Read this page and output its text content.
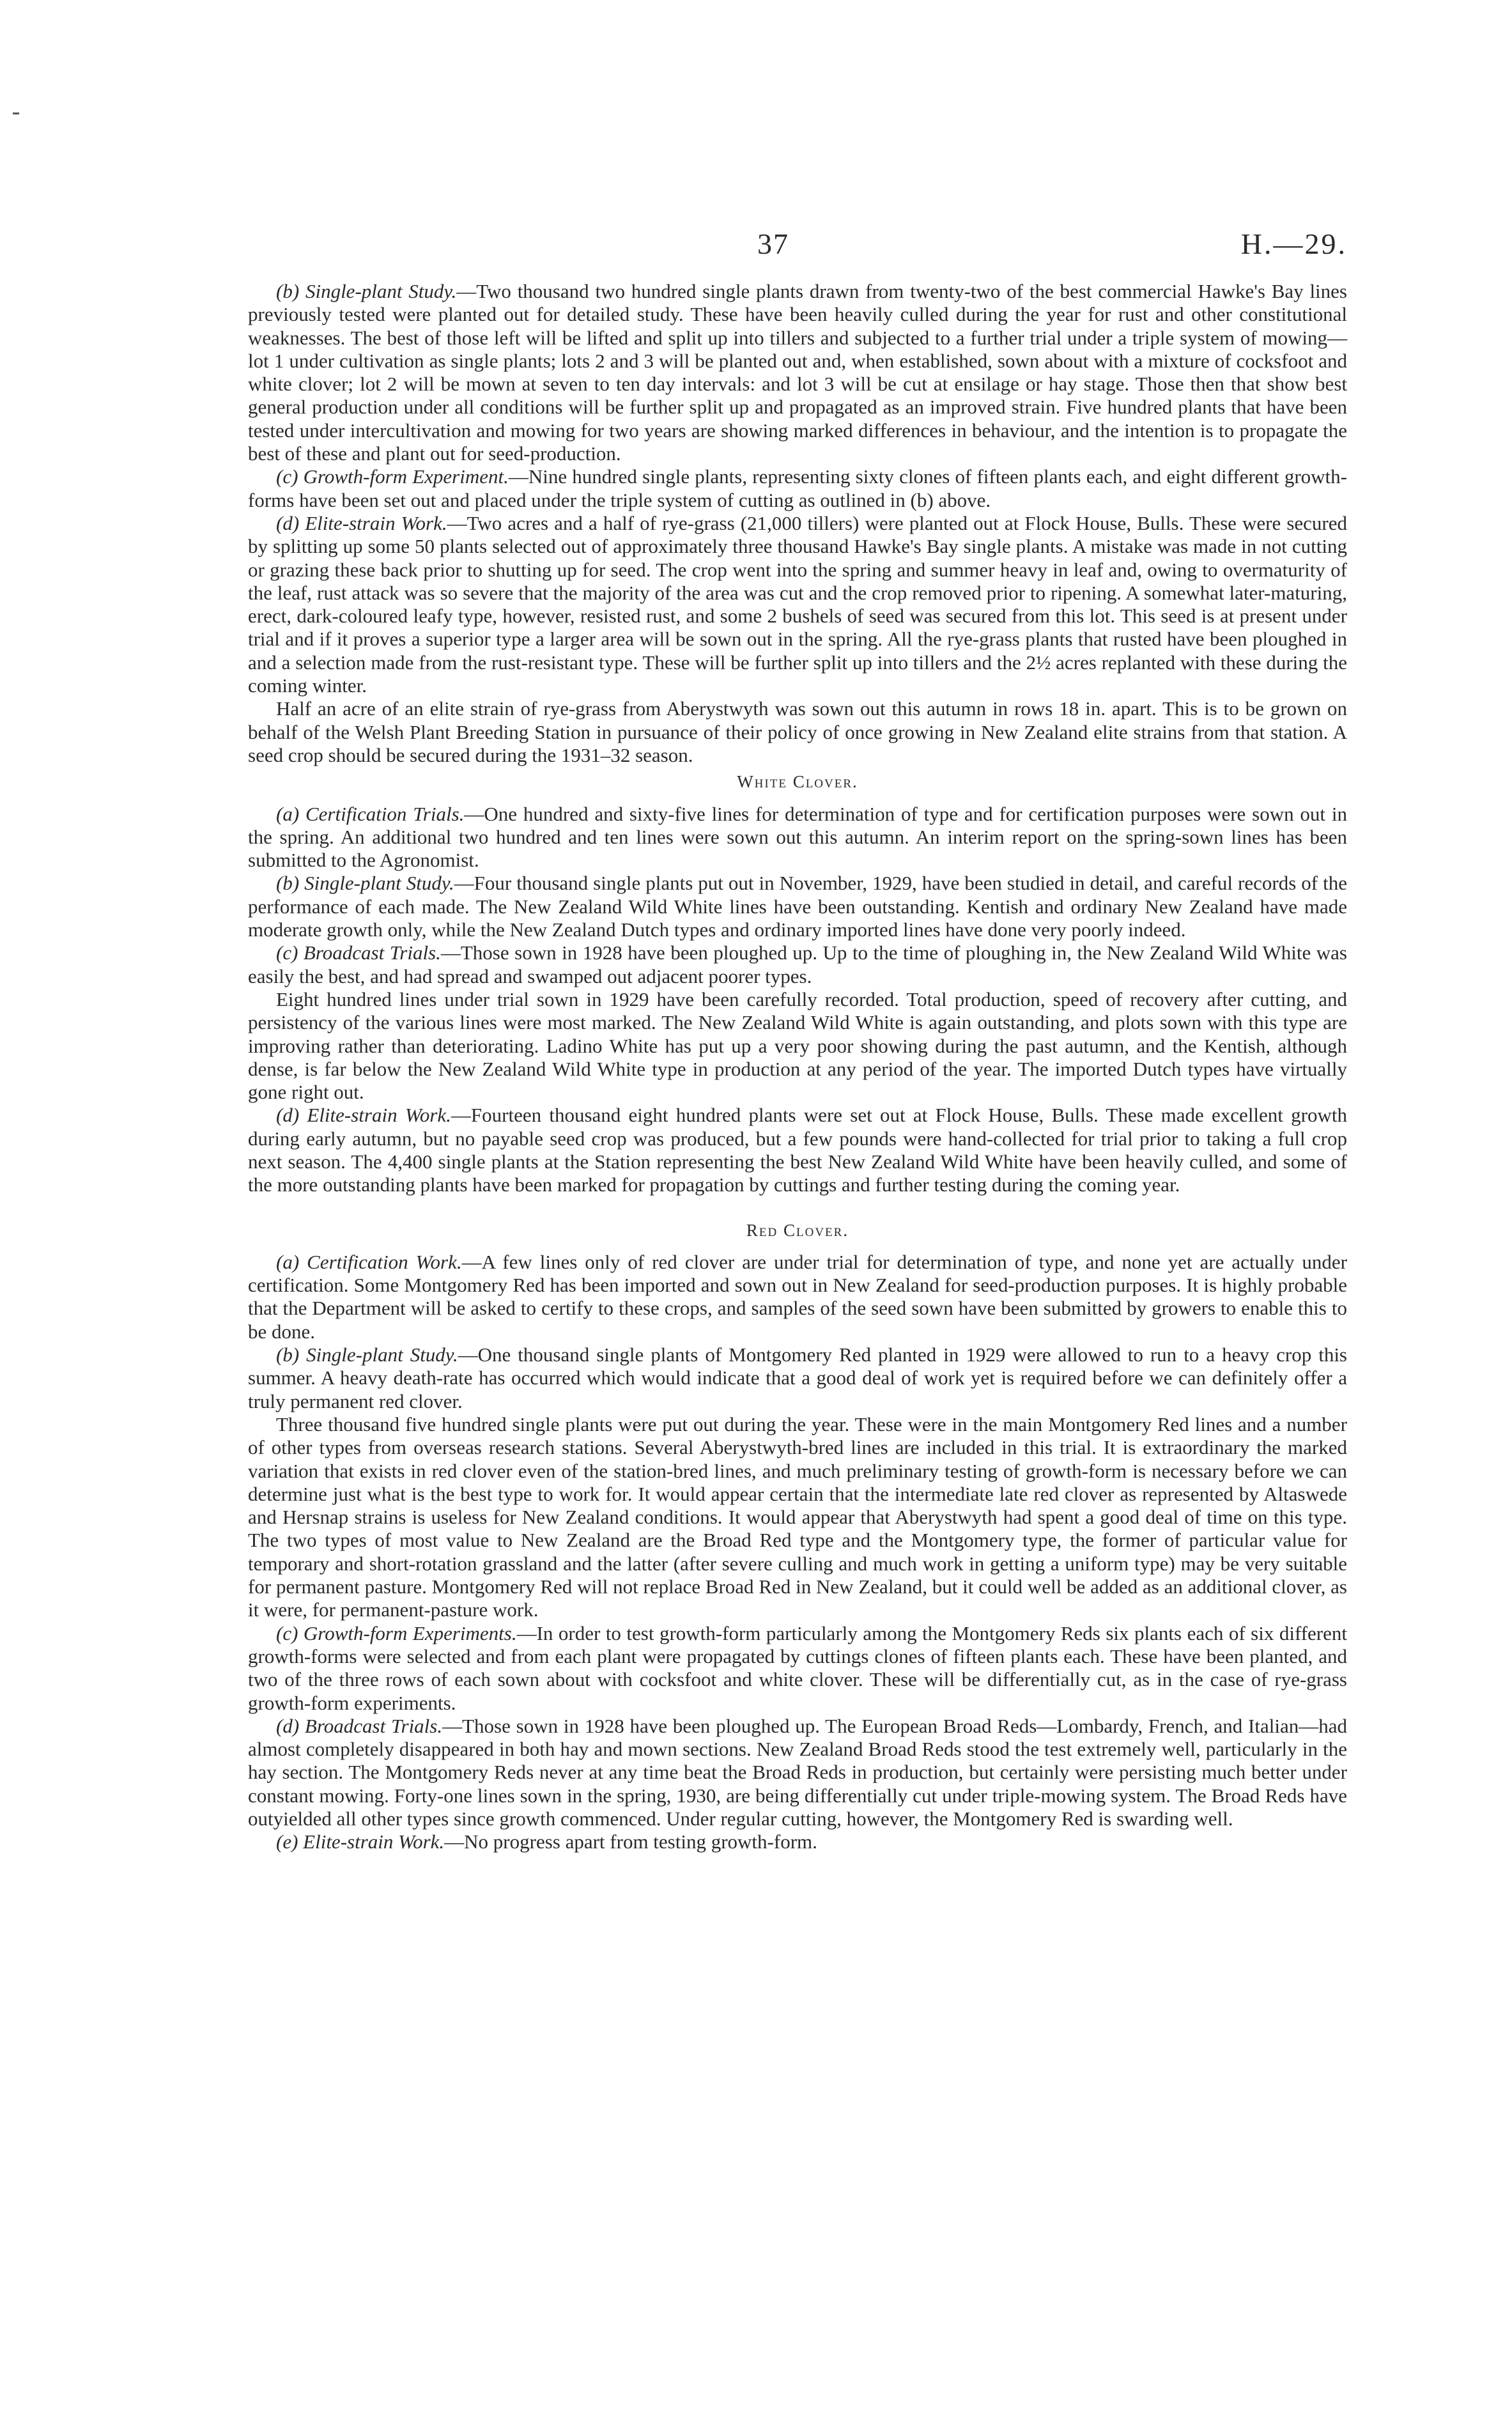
37	H.—29.

(b) Single-plant Study.—Two thousand two hundred single plants drawn from twenty-two of the best commercial Hawke's Bay lines previously tested were planted out for detailed study. These have been heavily culled during the year for rust and other constitutional weaknesses. The best of those left will be lifted and split up into tillers and subjected to a further trial under a triple system of mowing—lot 1 under cultivation as single plants; lots 2 and 3 will be planted out and, when established, sown about with a mixture of cocksfoot and white clover; lot 2 will be mown at seven to ten day intervals: and lot 3 will be cut at ensilage or hay stage. Those then that show best general production under all conditions will be further split up and propagated as an improved strain. Five hundred plants that have been tested under intercultivation and mowing for two years are showing marked differences in behaviour, and the intention is to propagate the best of these and plant out for seed-production.

(c) Growth-form Experiment.—Nine hundred single plants, representing sixty clones of fifteen plants each, and eight different growth-forms have been set out and placed under the triple system of cutting as outlined in (b) above.

(d) Elite-strain Work.—Two acres and a half of rye-grass (21,000 tillers) were planted out at Flock House, Bulls. These were secured by splitting up some 50 plants selected out of approximately three thousand Hawke's Bay single plants. A mistake was made in not cutting or grazing these back prior to shutting up for seed. The crop went into the spring and summer heavy in leaf and, owing to overmaturity of the leaf, rust attack was so severe that the majority of the area was cut and the crop removed prior to ripening. A somewhat later-maturing, erect, dark-coloured leafy type, however, resisted rust, and some 2 bushels of seed was secured from this lot. This seed is at present under trial and if it proves a superior type a larger area will be sown out in the spring. All the rye-grass plants that rusted have been ploughed in and a selection made from the rust-resistant type. These will be further split up into tillers and the 2½ acres replanted with these during the coming winter.

Half an acre of an elite strain of rye-grass from Aberystwyth was sown out this autumn in rows 18 in. apart. This is to be grown on behalf of the Welsh Plant Breeding Station in pursuance of their policy of once growing in New Zealand elite strains from that station. A seed crop should be secured during the 1931–32 season.

White Clover.

(a) Certification Trials.—One hundred and sixty-five lines for determination of type and for certification purposes were sown out in the spring. An additional two hundred and ten lines were sown out this autumn. An interim report on the spring-sown lines has been submitted to the Agronomist.

(b) Single-plant Study.—Four thousand single plants put out in November, 1929, have been studied in detail, and careful records of the performance of each made. The New Zealand Wild White lines have been outstanding. Kentish and ordinary New Zealand have made moderate growth only, while the New Zealand Dutch types and ordinary imported lines have done very poorly indeed.

(c) Broadcast Trials.—Those sown in 1928 have been ploughed up. Up to the time of ploughing in, the New Zealand Wild White was easily the best, and had spread and swamped out adjacent poorer types.

Eight hundred lines under trial sown in 1929 have been carefully recorded. Total production, speed of recovery after cutting, and persistency of the various lines were most marked. The New Zealand Wild White is again outstanding, and plots sown with this type are improving rather than deteriorating. Ladino White has put up a very poor showing during the past autumn, and the Kentish, although dense, is far below the New Zealand Wild White type in production at any period of the year. The imported Dutch types have virtually gone right out.

(d) Elite-strain Work.—Fourteen thousand eight hundred plants were set out at Flock House, Bulls. These made excellent growth during early autumn, but no payable seed crop was produced, but a few pounds were hand-collected for trial prior to taking a full crop next season. The 4,400 single plants at the Station representing the best New Zealand Wild White have been heavily culled, and some of the more outstanding plants have been marked for propagation by cuttings and further testing during the coming year.

Red Clover.

(a) Certification Work.—A few lines only of red clover are under trial for determination of type, and none yet are actually under certification. Some Montgomery Red has been imported and sown out in New Zealand for seed-production purposes. It is highly probable that the Department will be asked to certify to these crops, and samples of the seed sown have been submitted by growers to enable this to be done.

(b) Single-plant Study.—One thousand single plants of Montgomery Red planted in 1929 were allowed to run to a heavy crop this summer. A heavy death-rate has occurred which would indicate that a good deal of work yet is required before we can definitely offer a truly permanent red clover.

Three thousand five hundred single plants were put out during the year. These were in the main Montgomery Red lines and a number of other types from overseas research stations. Several Aberystwyth-bred lines are included in this trial. It is extraordinary the marked variation that exists in red clover even of the station-bred lines, and much preliminary testing of growth-form is necessary before we can determine just what is the best type to work for. It would appear certain that the intermediate late red clover as represented by Altaswede and Hersnap strains is useless for New Zealand conditions. It would appear that Aberystwyth had spent a good deal of time on this type. The two types of most value to New Zealand are the Broad Red type and the Montgomery type, the former of particular value for temporary and short-rotation grassland and the latter (after severe culling and much work in getting a uniform type) may be very suitable for permanent pasture. Montgomery Red will not replace Broad Red in New Zealand, but it could well be added as an additional clover, as it were, for permanent-pasture work.

(c) Growth-form Experiments.—In order to test growth-form particularly among the Montgomery Reds six plants each of six different growth-forms were selected and from each plant were propagated by cuttings clones of fifteen plants each. These have been planted, and two of the three rows of each sown about with cocksfoot and white clover. These will be differentially cut, as in the case of rye-grass growth-form experiments.

(d) Broadcast Trials.—Those sown in 1928 have been ploughed up. The European Broad Reds—Lombardy, French, and Italian—had almost completely disappeared in both hay and mown sections. New Zealand Broad Reds stood the test extremely well, particularly in the hay section. The Montgomery Reds never at any time beat the Broad Reds in production, but certainly were persisting much better under constant mowing. Forty-one lines sown in the spring, 1930, are being differentially cut under triple-mowing system. The Broad Reds have outyielded all other types since growth commenced. Under regular cutting, however, the Montgomery Red is swarding well.

(e) Elite-strain Work.—No progress apart from testing growth-form.
